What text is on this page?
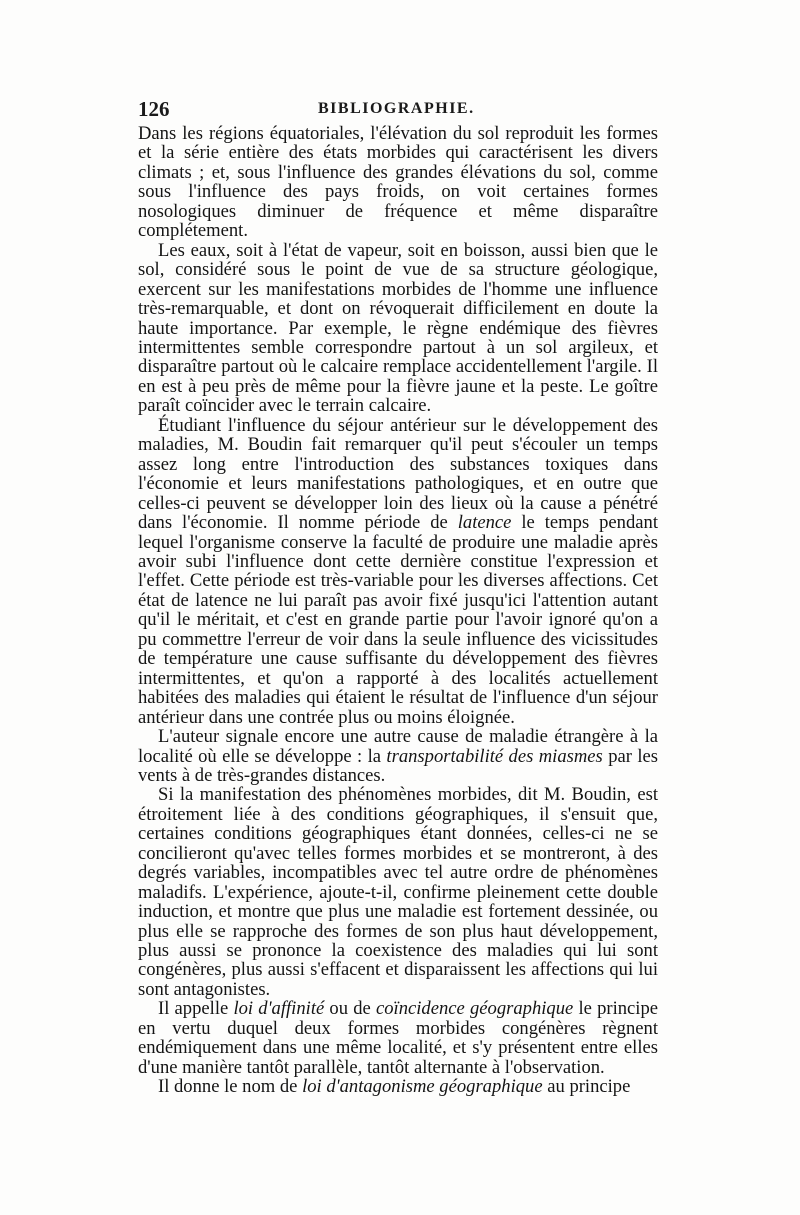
126	BIBLIOGRAPHIE.

Dans les régions équatoriales, l'élévation du sol reproduit les formes et la série entière des états morbides qui caractérisent les divers climats ; et, sous l'influence des grandes élévations du sol, comme sous l'influence des pays froids, on voit certaines formes nosologiques diminuer de fréquence et même disparaître complétement.

Les eaux, soit à l'état de vapeur, soit en boisson, aussi bien que le sol, considéré sous le point de vue de sa structure géologique, exercent sur les manifestations morbides de l'homme une influence très-remarquable, et dont on révoquerait difficilement en doute la haute importance. Par exemple, le règne endémique des fièvres intermittentes semble correspondre partout à un sol argileux, et disparaître partout où le calcaire remplace accidentellement l'argile. Il en est à peu près de même pour la fièvre jaune et la peste. Le goître paraît coïncider avec le terrain calcaire.

Étudiant l'influence du séjour antérieur sur le développement des maladies, M. Boudin fait remarquer qu'il peut s'écouler un temps assez long entre l'introduction des substances toxiques dans l'économie et leurs manifestations pathologiques, et en outre que celles-ci peuvent se développer loin des lieux où la cause a pénétré dans l'économie. Il nomme période de latence le temps pendant lequel l'organisme conserve la faculté de produire une maladie après avoir subi l'influence dont cette dernière constitue l'expression et l'effet. Cette période est très-variable pour les diverses affections. Cet état de latence ne lui paraît pas avoir fixé jusqu'ici l'attention autant qu'il le méritait, et c'est en grande partie pour l'avoir ignoré qu'on a pu commettre l'erreur de voir dans la seule influence des vicissitudes de température une cause suffisante du développement des fièvres intermittentes, et qu'on a rapporté à des localités actuellement habitées des maladies qui étaient le résultat de l'influence d'un séjour antérieur dans une contrée plus ou moins éloignée.

L'auteur signale encore une autre cause de maladie étrangère à la localité où elle se développe : la transportabilité des miasmes par les vents à de très-grandes distances.

Si la manifestation des phénomènes morbides, dit M. Boudin, est étroitement liée à des conditions géographiques, il s'ensuit que, certaines conditions géographiques étant données, celles-ci ne se concilieront qu'avec telles formes morbides et se montreront, à des degrés variables, incompatibles avec tel autre ordre de phénomènes maladifs. L'expérience, ajoute-t-il, confirme pleinement cette double induction, et montre que plus une maladie est fortement dessinée, ou plus elle se rapproche des formes de son plus haut développement, plus aussi se prononce la coexistence des maladies qui lui sont congénères, plus aussi s'effacent et disparaissent les affections qui lui sont antagonistes.

Il appelle loi d'affinité ou de coïncidence géographique le principe en vertu duquel deux formes morbides congénères règnent endémiquement dans une même localité, et s'y présentent entre elles d'une manière tantôt parallèle, tantôt alternante à l'observation.

Il donne le nom de loi d'antagonisme géographique au principe
